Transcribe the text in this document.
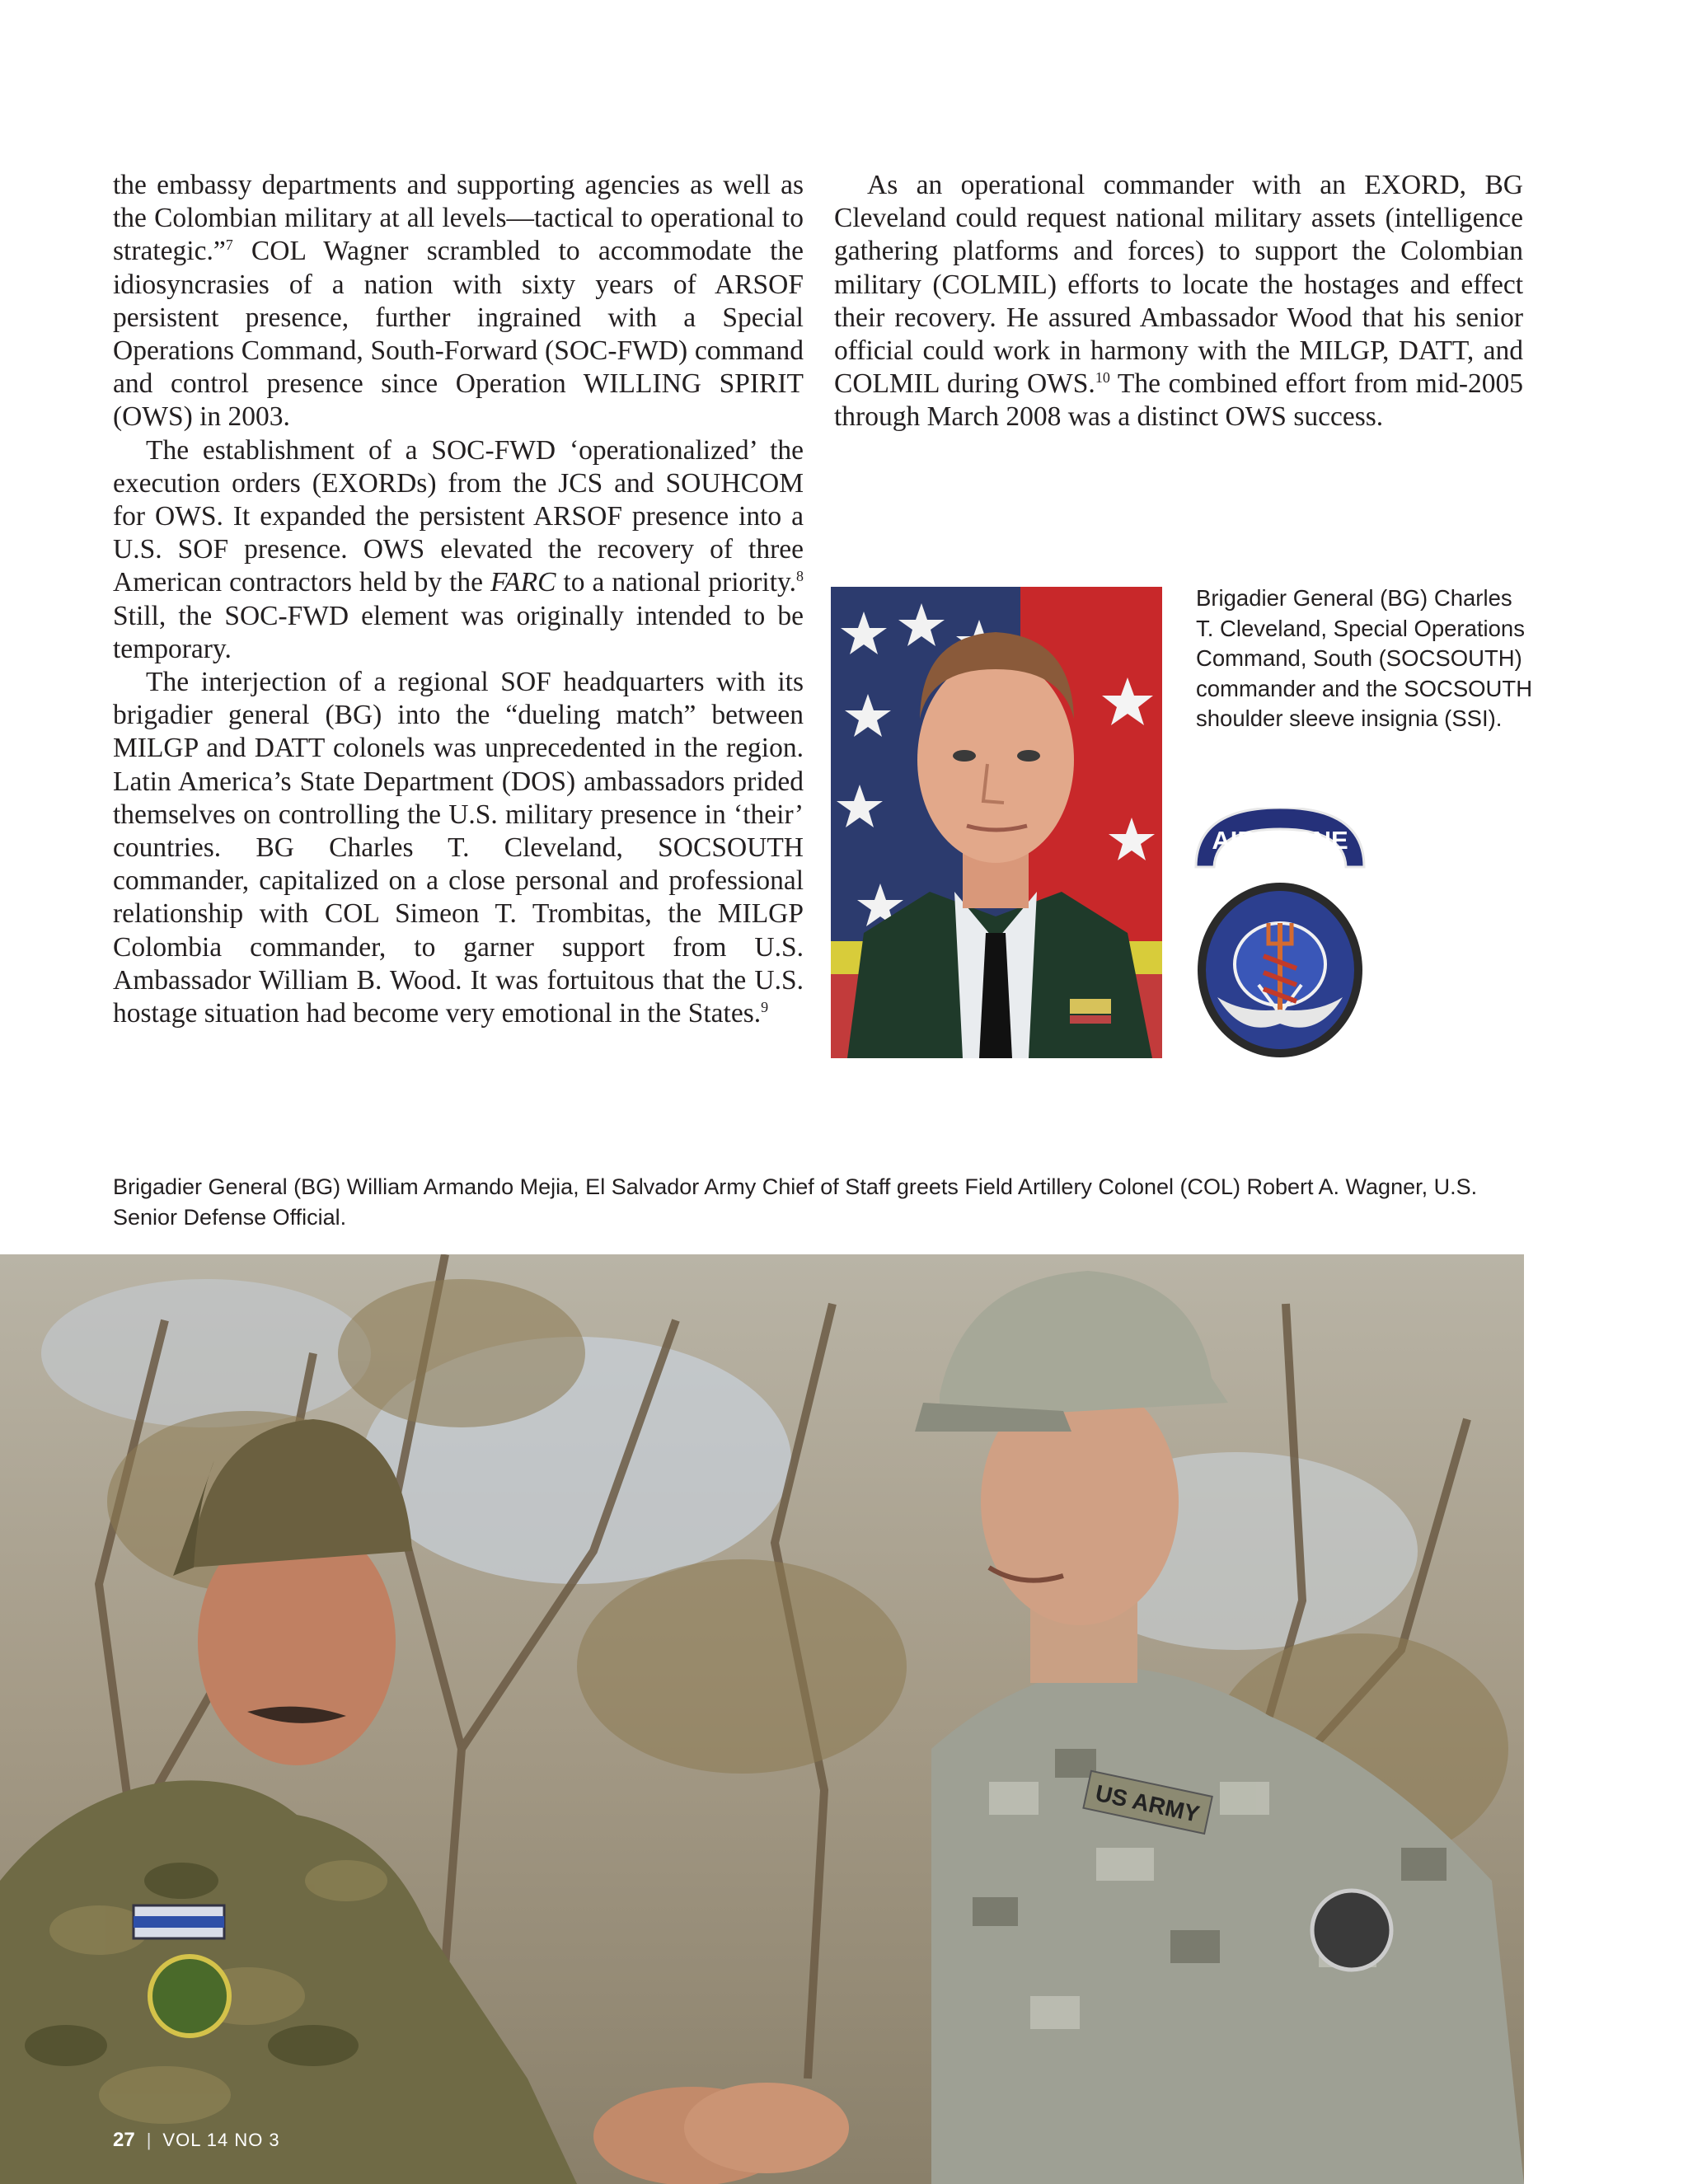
the embassy departments and supporting agencies as well as the Colombian military at all levels—tactical to operational to strategic.”$^7$ COL Wagner scrambled to accommodate the idiosyncrasies of a nation with sixty years of ARSOF persistent presence, further ingrained with a Special Operations Command, South-Forward (SOC-FWD) command and control presence since Operation WILLING SPIRIT (OWS) in 2003.

The establishment of a SOC-FWD ‘operationalized’ the execution orders (EXORDs) from the JCS and SOUHCOM for OWS. It expanded the persistent ARSOF presence into a U.S. SOF presence. OWS elevated the recovery of three American contractors held by the FARC to a national priority.$^8$ Still, the SOC-FWD element was originally intended to be temporary.

The interjection of a regional SOF headquarters with its brigadier general (BG) into the “dueling match” between MILGP and DATT colonels was unprecedented in the region. Latin America’s State Department (DOS) ambassadors prided themselves on controlling the U.S. military presence in ‘their’ countries. BG Charles T. Cleveland, SOCSOUTH commander, capitalized on a close personal and professional relationship with COL Simeon T. Trombitas, the MILGP Colombia commander, to garner support from U.S. Ambassador William B. Wood. It was fortuitous that the U.S. hostage situation had become very emotional in the States.$^9$

As an operational commander with an EXORD, BG Cleveland could request national military assets (intelligence gathering platforms and forces) to support the Colombian military (COLMIL) efforts to locate the hostages and effect their recovery. He assured Ambassador Wood that his senior official could work in harmony with the MILGP, DATT, and COLMIL during OWS.$^{10}$ The combined effort from mid-2005 through March 2008 was a distinct OWS success.

Brigadier General (BG) Charles T. Cleveland, Special Operations Command, South (SOCSOUTH) commander and the SOCSOUTH shoulder sleeve insignia (SSI).
AIRBORNE
Brigadier General (BG) William Armando Mejia, El Salvador Army Chief of Staff greets Field Artillery Colonel (COL) Robert A. Wagner, U.S. Senior Defense Official.
US ARMY
27 | VOL 14 NO 3
